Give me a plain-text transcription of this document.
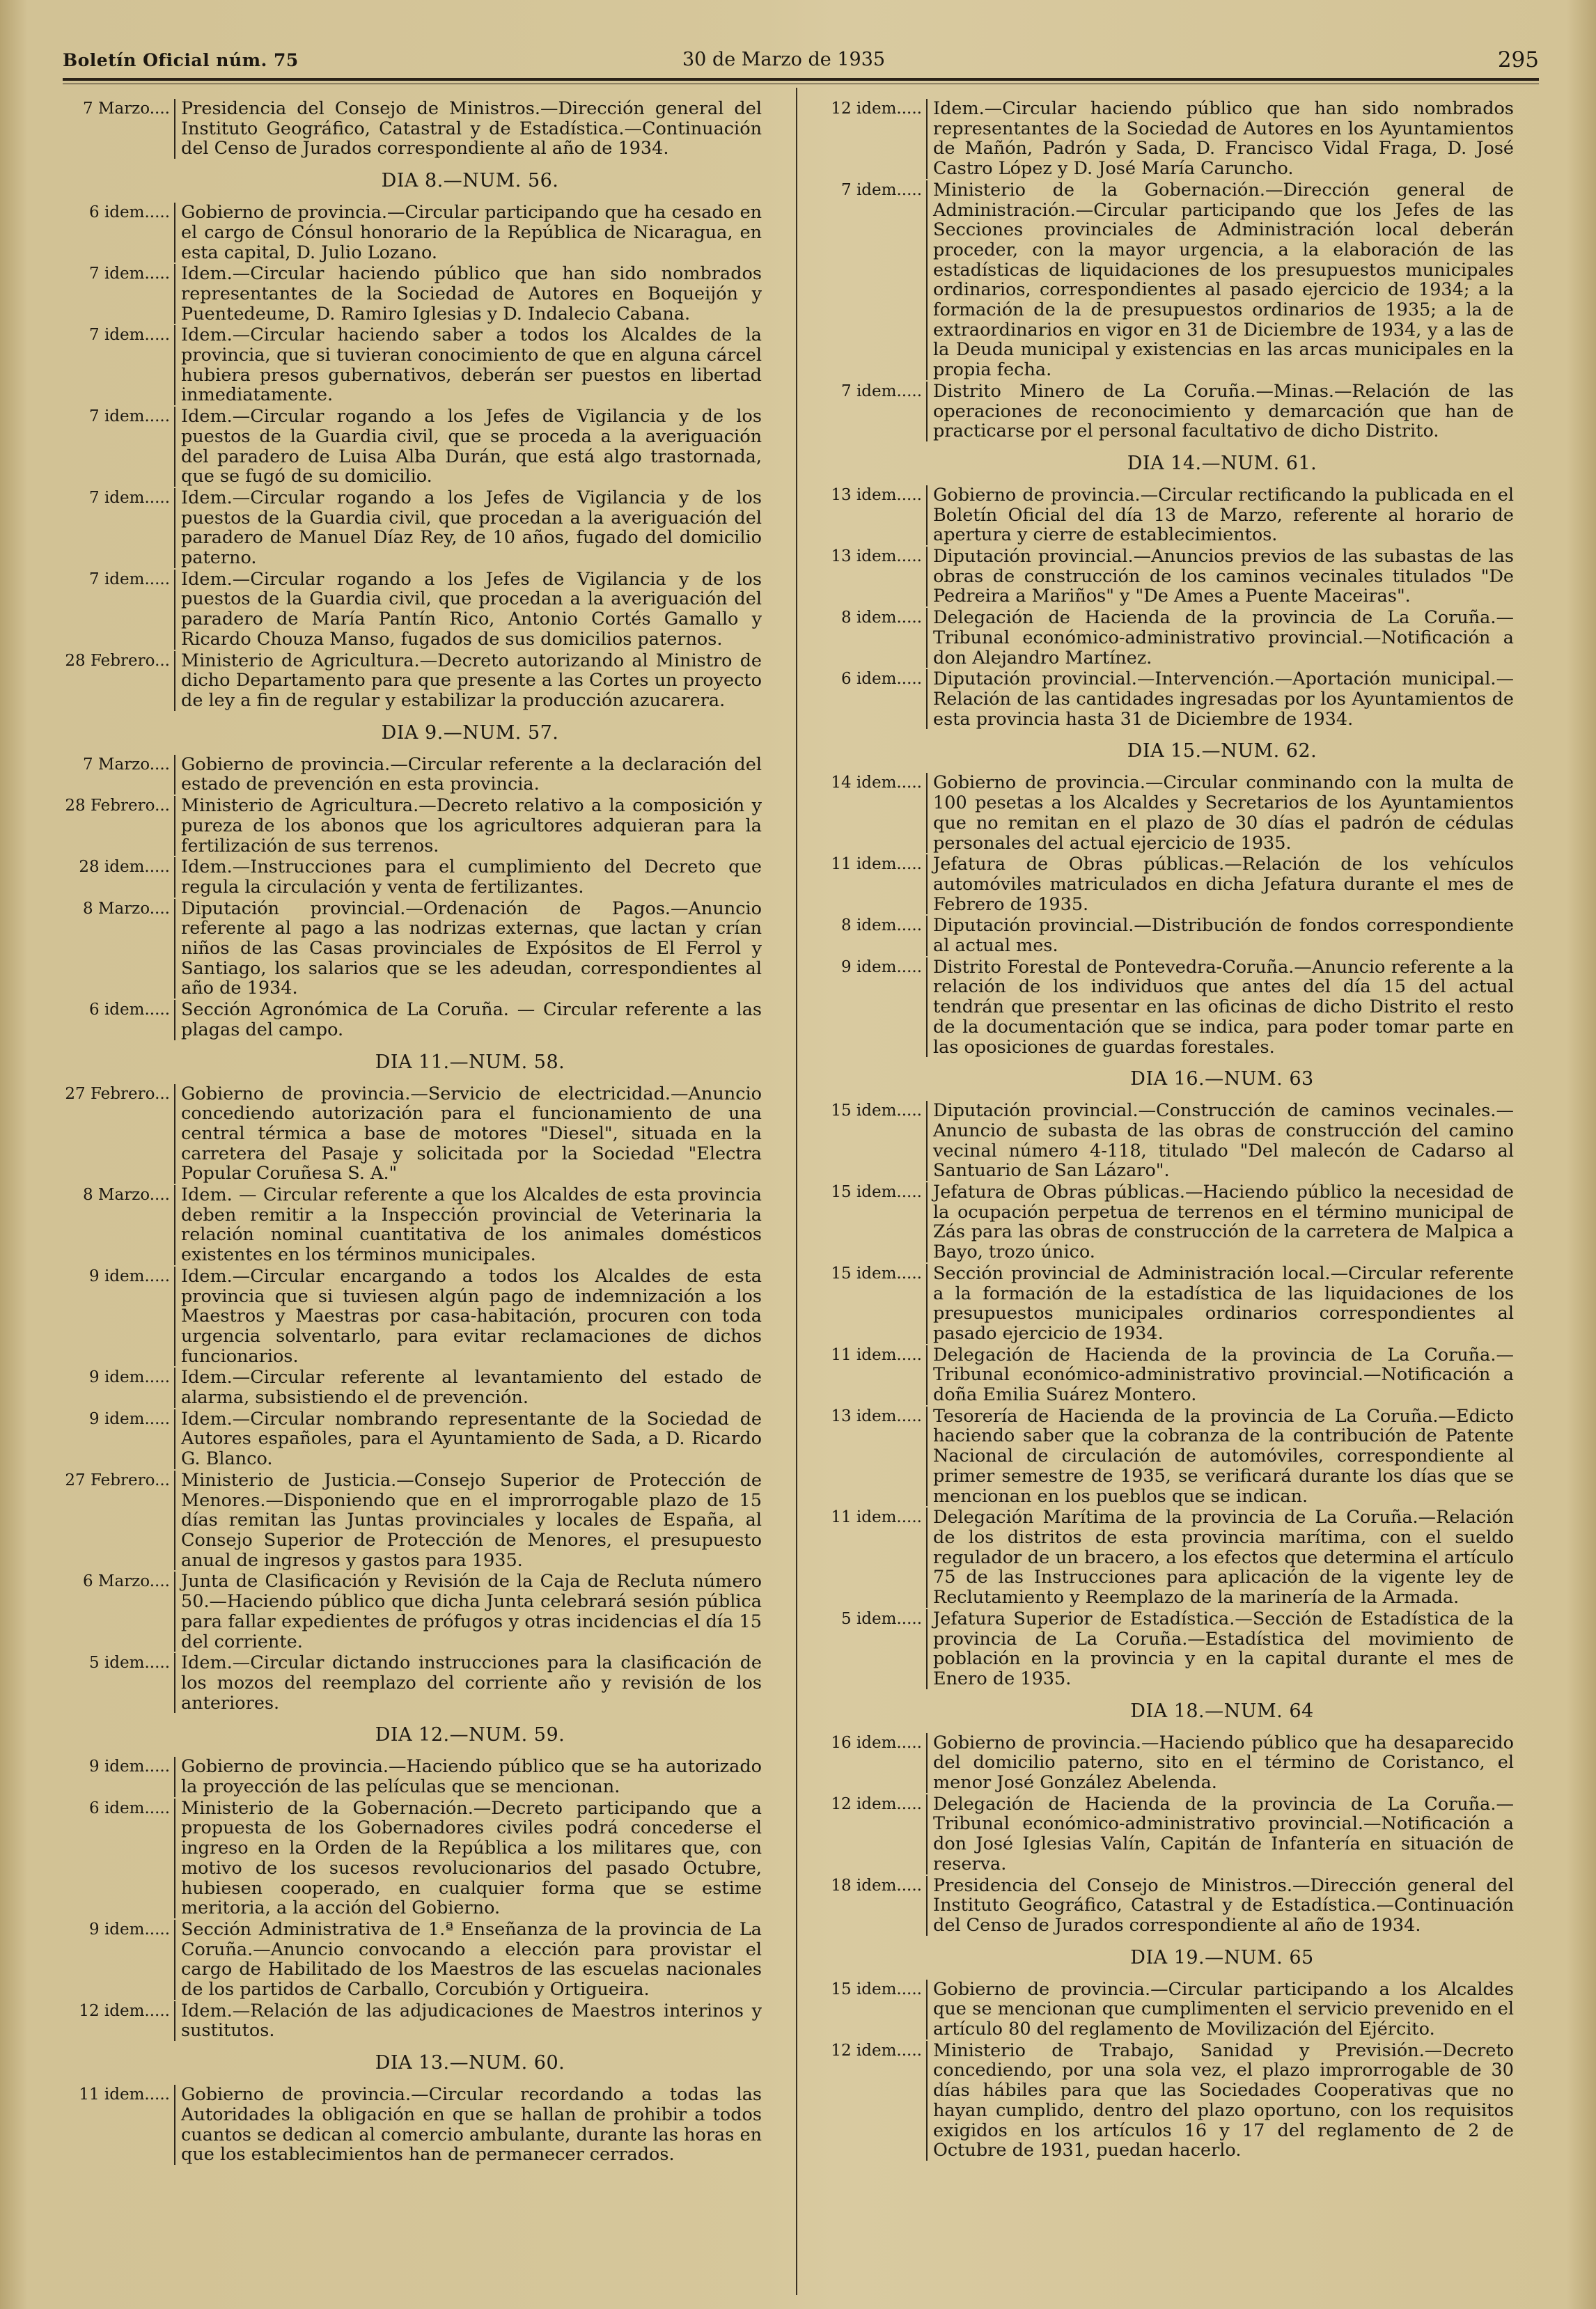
Boletín Oficial núm. 75	30 de Marzo de 1935	295
7 Marzo.... Presidencia del Consejo de Ministros.—Dirección general del Instituto Geográfico, Catastral y de Estadística.—Continuación del Censo de Jurados correspondiente al año de 1934.
DIA 8.—NUM. 56.
6 idem..... Gobierno de provincia.—Circular participando que ha cesado en el cargo de Cónsul honorario de la República de Nicaragua, en esta capital, D. Julio Lozano.
7 idem..... Idem.—Circular haciendo público que han sido nombrados representantes de la Sociedad de Autores en Boqueijón y Puentedeume, D. Ramiro Iglesias y D. Indalecio Cabana.
7 idem..... Idem.—Circular haciendo saber a todos los Alcaldes de la provincia, que si tuvieran conocimiento de que en alguna cárcel hubiera presos gubernativos, deberán ser puestos en libertad inmediatamente.
7 idem..... Idem.—Circular rogando a los Jefes de Vigilancia y de los puestos de la Guardia civil, que se proceda a la averiguación del paradero de Luisa Alba Durán, que está algo trastornada, que se fugó de su domicilio.
7 idem..... Idem.—Circular rogando a los Jefes de Vigilancia y de los puestos de la Guardia civil, que procedan a la averiguación del paradero de Manuel Díaz Rey, de 10 años, fugado del domicilio paterno.
7 idem..... Idem.—Circular rogando a los Jefes de Vigilancia y de los puestos de la Guardia civil, que procedan a la averiguación del paradero de María Pantín Rico, Antonio Cortés Gamallo y Ricardo Chouza Manso, fugados de sus domicilios paternos.
28 Febrero... Ministerio de Agricultura.—Decreto autorizando al Ministro de dicho Departamento para que presente a las Cortes un proyecto de ley a fin de regular y estabilizar la producción azucarera.
DIA 9.—NUM. 57.
7 Marzo.... Gobierno de provincia.—Circular referente a la declaración del estado de prevención en esta provincia.
28 Febrero... Ministerio de Agricultura.—Decreto relativo a la composición y pureza de los abonos que los agricultores adquieran para la fertilización de sus terrenos.
28 idem..... Idem.—Instrucciones para el cumplimiento del Decreto que regula la circulación y venta de fertilizantes.
8 Marzo.... Diputación provincial.—Ordenación de Pagos.—Anuncio referente al pago a las nodrizas externas, que lactan y crían niños de las Casas provinciales de Expósitos de El Ferrol y Santiago, los salarios que se les adeudan, correspondientes al año de 1934.
6 idem..... Sección Agronómica de La Coruña. — Circular referente a las plagas del campo.
DIA 11.—NUM. 58.
27 Febrero... Gobierno de provincia.—Servicio de electricidad.—Anuncio concediendo autorización para el funcionamiento de una central térmica a base de motores "Diesel", situada en la carretera del Pasaje y solicitada por la Sociedad "Electra Popular Coruñesa S. A."
8 Marzo.... Idem. — Circular referente a que los Alcaldes de esta provincia deben remitir a la Inspección provincial de Veterinaria la relación nominal cuantitativa de los animales domésticos existentes en los términos municipales.
9 idem..... Idem.—Circular encargando a todos los Alcaldes de esta provincia que si tuviesen algún pago de indemnización a los Maestros y Maestras por casa-habitación, procuren con toda urgencia solventarlo, para evitar reclamaciones de dichos funcionarios.
9 idem..... Idem.—Circular referente al levantamiento del estado de alarma, subsistiendo el de prevención.
9 idem..... Idem.—Circular nombrando representante de la Sociedad de Autores españoles, para el Ayuntamiento de Sada, a D. Ricardo G. Blanco.
27 Febrero... Ministerio de Justicia.—Consejo Superior de Protección de Menores.—Disponiendo que en el improrrogable plazo de 15 días remitan las Juntas provinciales y locales de España, al Consejo Superior de Protección de Menores, el presupuesto anual de ingresos y gastos para 1935.
6 Marzo.... Junta de Clasificación y Revisión de la Caja de Recluta número 50.—Haciendo público que dicha Junta celebrará sesión pública para fallar expedientes de prófugos y otras incidencias el día 15 del corriente.
5 idem..... Idem.—Circular dictando instrucciones para la clasificación de los mozos del reemplazo del corriente año y revisión de los anteriores.
DIA 12.—NUM. 59.
9 idem..... Gobierno de provincia.—Haciendo público que se ha autorizado la proyección de las películas que se mencionan.
6 idem..... Ministerio de la Gobernación.—Decreto participando que a propuesta de los Gobernadores civiles podrá concederse el ingreso en la Orden de la República a los militares que, con motivo de los sucesos revolucionarios del pasado Octubre, hubiesen cooperado, en cualquier forma que se estime meritoria, a la acción del Gobierno.
9 idem..... Sección Administrativa de 1.ª Enseñanza de la provincia de La Coruña.—Anuncio convocando a elección para provistar el cargo de Habilitado de los Maestros de las escuelas nacionales de los partidos de Carballo, Corcubión y Ortigueira.
12 idem..... Idem.—Relación de las adjudicaciones de Maestros interinos y sustitutos.
DIA 13.—NUM. 60.
11 idem..... Gobierno de provincia.—Circular recordando a todas las Autoridades la obligación en que se hallan de prohibir a todos cuantos se dedican al comercio ambulante, durante las horas en que los establecimientos han de permanecer cerrados.
12 idem..... Idem.—Circular haciendo público que han sido nombrados representantes de la Sociedad de Autores en los Ayuntamientos de Mañón, Padrón y Sada, D. Francisco Vidal Fraga, D. José Castro López y D. José María Caruncho.
7 idem..... Ministerio de la Gobernación.—Dirección general de Administración.—Circular participando que los Jefes de las Secciones provinciales de Administración local deberán proceder, con la mayor urgencia, a la elaboración de las estadísticas de liquidaciones de los presupuestos municipales ordinarios, correspondientes al pasado ejercicio de 1934; a la formación de la de presupuestos ordinarios de 1935; a la de extraordinarios en vigor en 31 de Diciembre de 1934, y a las de la Deuda municipal y existencias en las arcas municipales en la propia fecha.
7 idem..... Distrito Minero de La Coruña.—Minas.—Relación de las operaciones de reconocimiento y demarcación que han de practicarse por el personal facultativo de dicho Distrito.
DIA 14.—NUM. 61.
13 idem..... Gobierno de provincia.—Circular rectificando la publicada en el Boletín Oficial del día 13 de Marzo, referente al horario de apertura y cierre de establecimientos.
13 idem..... Diputación provincial.—Anuncios previos de las subastas de las obras de construcción de los caminos vecinales titulados "De Pedreira a Mariños" y "De Ames a Puente Maceiras".
8 idem..... Delegación de Hacienda de la provincia de La Coruña.—Tribunal económico-administrativo provincial.—Notificación a don Alejandro Martínez.
6 idem..... Diputación provincial.—Intervención.—Aportación municipal.—Relación de las cantidades ingresadas por los Ayuntamientos de esta provincia hasta 31 de Diciembre de 1934.
DIA 15.—NUM. 62.
14 idem..... Gobierno de provincia.—Circular conminando con la multa de 100 pesetas a los Alcaldes y Secretarios de los Ayuntamientos que no remitan en el plazo de 30 días el padrón de cédulas personales del actual ejercicio de 1935.
11 idem..... Jefatura de Obras públicas.—Relación de los vehículos automóviles matriculados en dicha Jefatura durante el mes de Febrero de 1935.
8 idem..... Diputación provincial.—Distribución de fondos correspondiente al actual mes.
9 idem..... Distrito Forestal de Pontevedra-Coruña.—Anuncio referente a la relación de los individuos que antes del día 15 del actual tendrán que presentar en las oficinas de dicho Distrito el resto de la documentación que se indica, para poder tomar parte en las oposiciones de guardas forestales.
DIA 16.—NUM. 63
15 idem..... Diputación provincial.—Construcción de caminos vecinales.—Anuncio de subasta de las obras de construcción del camino vecinal número 4-118, titulado "Del malecón de Cadarso al Santuario de San Lázaro".
15 idem..... Jefatura de Obras públicas.—Haciendo público la necesidad de la ocupación perpetua de terrenos en el término municipal de Zás para las obras de construcción de la carretera de Malpica a Bayo, trozo único.
15 idem..... Sección provincial de Administración local.—Circular referente a la formación de la estadística de las liquidaciones de los presupuestos municipales ordinarios correspondientes al pasado ejercicio de 1934.
11 idem..... Delegación de Hacienda de la provincia de La Coruña.—Tribunal económico-administrativo provincial.—Notificación a doña Emilia Suárez Montero.
13 idem..... Tesorería de Hacienda de la provincia de La Coruña.—Edicto haciendo saber que la cobranza de la contribución de Patente Nacional de circulación de automóviles, correspondiente al primer semestre de 1935, se verificará durante los días que se mencionan en los pueblos que se indican.
11 idem..... Delegación Marítima de la provincia de La Coruña.—Relación de los distritos de esta provincia marítima, con el sueldo regulador de un bracero, a los efectos que determina el artículo 75 de las Instrucciones para aplicación de la vigente ley de Reclutamiento y Reemplazo de la marinería de la Armada.
5 idem..... Jefatura Superior de Estadística.—Sección de Estadística de la provincia de La Coruña.—Estadística del movimiento de población en la provincia y en la capital durante el mes de Enero de 1935.
DIA 18.—NUM. 64
16 idem..... Gobierno de provincia.—Haciendo público que ha desaparecido del domicilio paterno, sito en el término de Coristanco, el menor José González Abelenda.
12 idem..... Delegación de Hacienda de la provincia de La Coruña.—Tribunal económico-administrativo provincial.—Notificación a don José Iglesias Valín, Capitán de Infantería en situación de reserva.
18 idem..... Presidencia del Consejo de Ministros.—Dirección general del Instituto Geográfico, Catastral y de Estadística.—Continuación del Censo de Jurados correspondiente al año de 1934.
DIA 19.—NUM. 65
15 idem..... Gobierno de provincia.—Circular participando a los Alcaldes que se mencionan que cumplimenten el servicio prevenido en el artículo 80 del reglamento de Movilización del Ejército.
12 idem..... Ministerio de Trabajo, Sanidad y Previsión.—Decreto concediendo, por una sola vez, el plazo improrrogable de 30 días hábiles para que las Sociedades Cooperativas que no hayan cumplido, dentro del plazo oportuno, con los requisitos exigidos en los artículos 16 y 17 del reglamento de 2 de Octubre de 1931, puedan hacerlo.
